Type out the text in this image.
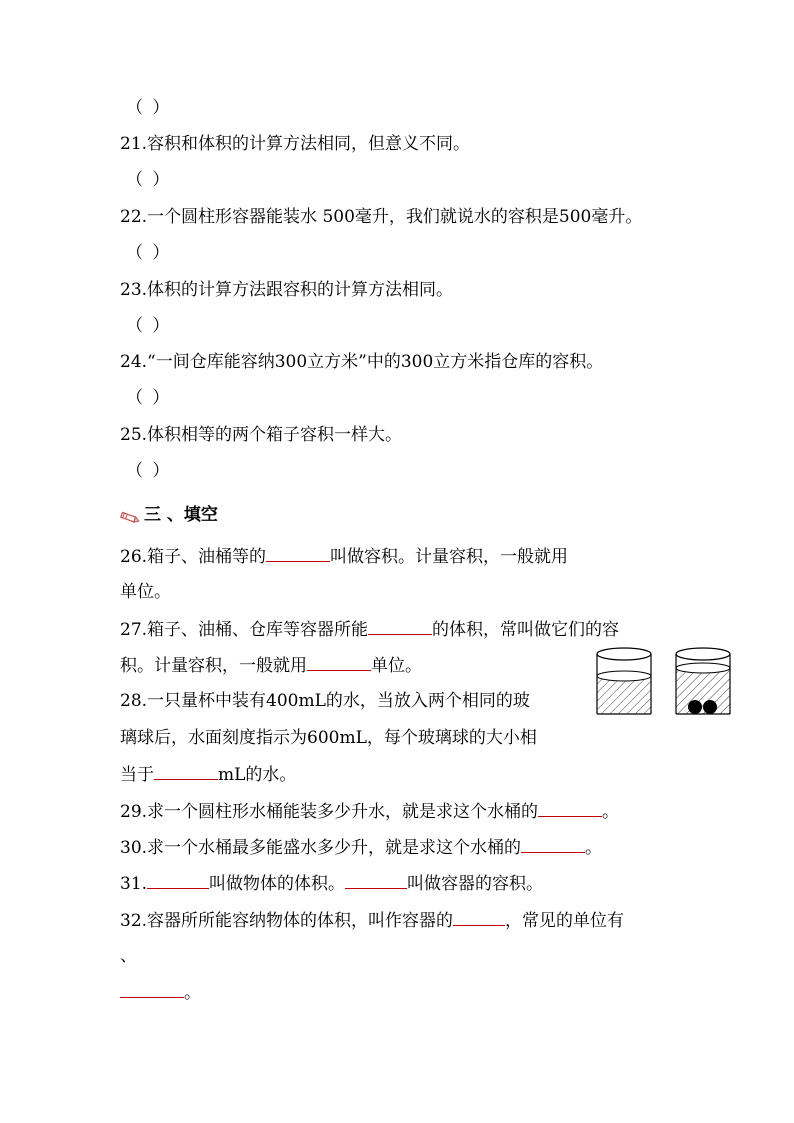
（ ）
21.容积和体积的计算方法相同，但意义不同。
（ ）
22.一个圆柱形容器能装水 500毫升，我们就说水的容积是500毫升。
（ ）
23.体积的计算方法跟容积的计算方法相同。
（ ）
24.“一间仓库能容纳300立方米”中的300立方米指仓库的容积。
（ ）
25.体积相等的两个箱子容积一样大。
（ ）
三 、填空
26.箱子、油桶等的	叫做容积。计量容积，一般就用
单位。
27.箱子、油桶、仓库等容器所能	的体积，常叫做它们的容
积。计量容积，一般就用	单位。
28.一只量杯中装有400mL的水，当放入两个相同的玻
璃球后，水面刻度指示为600mL，每个玻璃球的大小相
当于	mL的水。
29.求一个圆柱形水桶能装多少升水，就是求这个水桶的	。
30.求一个水桶最多能盛水多少升，就是求这个水桶的	。
31.	叫做物体的体积。	叫做容器的容积。
32.容器所所能容纳物体的体积，叫作容器的	，常见的单位有
、
。
